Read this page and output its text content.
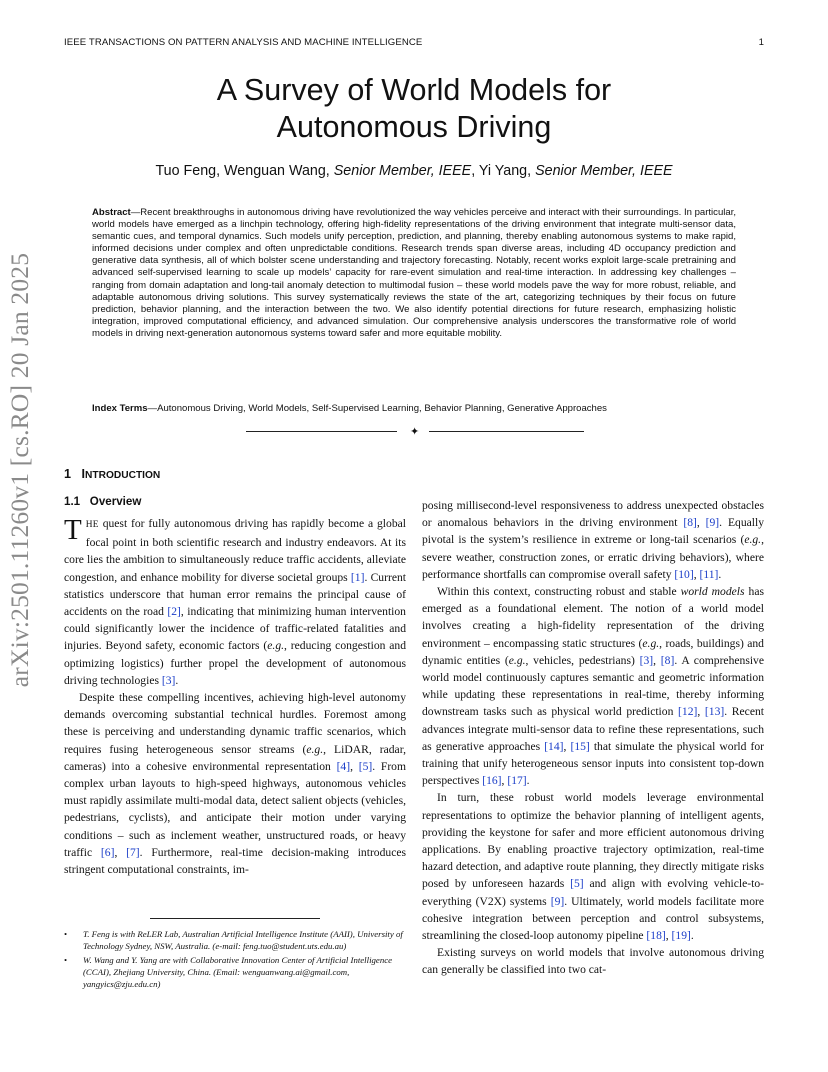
IEEE TRANSACTIONS ON PATTERN ANALYSIS AND MACHINE INTELLIGENCE	1
arXiv:2501.11260v1 [cs.RO] 20 Jan 2025
A Survey of World Models for
Autonomous Driving
Tuo Feng, Wenguan Wang, Senior Member, IEEE, Yi Yang, Senior Member, IEEE
Abstract—Recent breakthroughs in autonomous driving have revolutionized the way vehicles perceive and interact with their surroundings. In particular, world models have emerged as a linchpin technology, offering high-fidelity representations of the driving environment that integrate multi-sensor data, semantic cues, and temporal dynamics. Such models unify perception, prediction, and planning, thereby enabling autonomous systems to make rapid, informed decisions under complex and often unpredictable conditions. Research trends span diverse areas, including 4D occupancy prediction and generative data synthesis, all of which bolster scene understanding and trajectory forecasting. Notably, recent works exploit large-scale pretraining and advanced self-supervised learning to scale up models’ capacity for rare-event simulation and real-time interaction. In addressing key challenges – ranging from domain adaptation and long-tail anomaly detection to multimodal fusion – these world models pave the way for more robust, reliable, and adaptable autonomous driving solutions. This survey systematically reviews the state of the art, categorizing techniques by their focus on future prediction, behavior planning, and the interaction between the two. We also identify potential directions for future research, emphasizing holistic integration, improved computational efficiency, and advanced simulation. Our comprehensive analysis underscores the transformative role of world models in driving next-generation autonomous systems toward safer and more equitable mobility.
Index Terms—Autonomous Driving, World Models, Self-Supervised Learning, Behavior Planning, Generative Approaches
✦
1 INTRODUCTION
1.1 Overview

THE quest for fully autonomous driving has rapidly become a global focal point in both scientific research and industry endeavors. At its core lies the ambition to simultaneously reduce traffic accidents, alleviate congestion, and enhance mobility for diverse societal groups [1]. Current statistics underscore that human error remains the principal cause of accidents on the road [2], indicating that minimizing human intervention could significantly lower the incidence of traffic-related fatalities and injuries. Beyond safety, economic factors (e.g., reducing congestion and optimizing logistics) further propel the development of autonomous driving technologies [3].

Despite these compelling incentives, achieving high-level autonomy demands overcoming substantial technical hurdles. Foremost among these is perceiving and understanding dynamic traffic scenarios, which requires fusing heterogeneous sensor streams (e.g., LiDAR, radar, cameras) into a cohesive environmental representation [4], [5]. From complex urban layouts to high-speed highways, autonomous vehicles must rapidly assimilate multi-modal data, detect salient objects (vehicles, pedestrians, cyclists), and anticipate their motion under varying conditions – such as inclement weather, unstructured roads, or heavy traffic [6], [7]. Furthermore, real-time decision-making introduces stringent computational constraints, im-

• T. Feng is with ReLER Lab, Australian Artificial Intelligence Institute (AAII), University of Technology Sydney, NSW, Australia. (e-mail: feng.tuo@student.uts.edu.au)
• W. Wang and Y. Yang are with Collaborative Innovation Center of Artificial Intelligence (CCAI), Zhejiang University, China. (Email: wenguanwang.ai@gmail.com, yangyics@zju.edu.cn)

posing millisecond-level responsiveness to address unexpected obstacles or anomalous behaviors in the driving environment [8], [9]. Equally pivotal is the system’s resilience in extreme or long-tail scenarios (e.g., severe weather, construction zones, or erratic driving behaviors), where performance shortfalls can compromise overall safety [10], [11].

Within this context, constructing robust and stable world models has emerged as a foundational element. The notion of a world model involves creating a high-fidelity representation of the driving environment – encompassing static structures (e.g., roads, buildings) and dynamic entities (e.g., vehicles, pedestrians) [3], [8]. A comprehensive world model continuously captures semantic and geometric information while updating these representations in real-time, thereby informing downstream tasks such as physical world prediction [12], [13]. Recent advances integrate multi-sensor data to refine these representations, such as generative approaches [14], [15] that simulate the physical world for training that unify heterogeneous sensor inputs into consistent top-down perspectives [16], [17].

In turn, these robust world models leverage environmental representations to optimize the behavior planning of intelligent agents, providing the keystone for safer and more efficient autonomous driving applications. By enabling proactive trajectory optimization, real-time hazard detection, and adaptive route planning, they directly mitigate risks posed by unforeseen hazards [5] and align with evolving vehicle-to-everything (V2X) systems [9]. Ultimately, world models facilitate more cohesive integration between perception and control subsystems, streamlining the closed-loop autonomy pipeline [18], [19].

Existing surveys on world models that involve autonomous driving can generally be classified into two cat-
